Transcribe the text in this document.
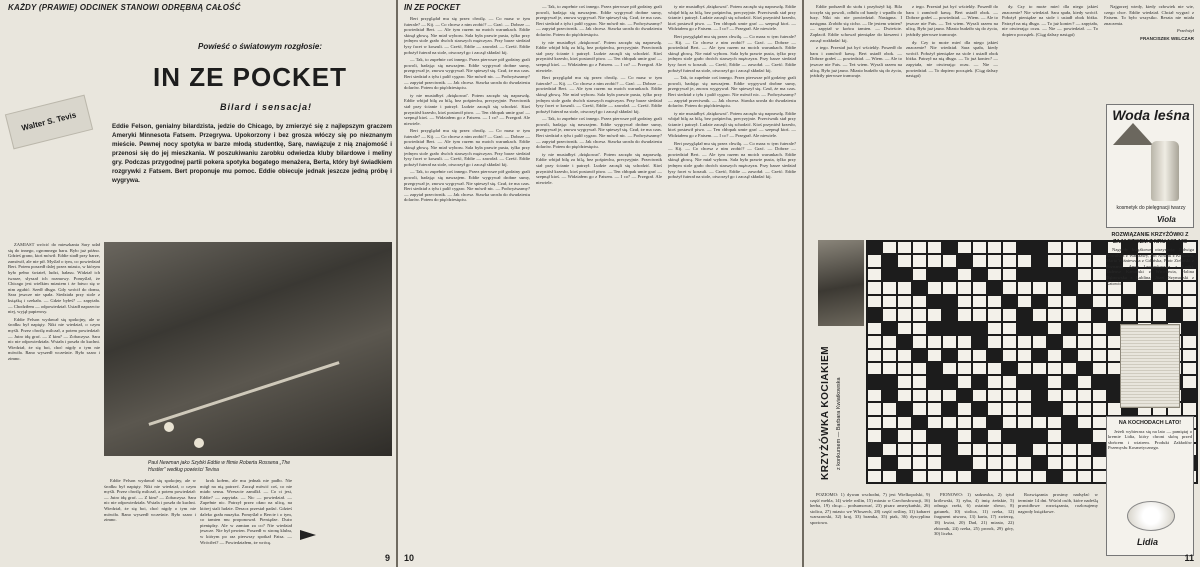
KAŻDY (PRAWIE) ODCINEK STANOWI ODRĘBNĄ CAŁOŚĆ
Powieść o światowym rozgłosie:
IN ZE POCKET
Bilard i sensacja!
Walter S. Tevis	Eddie Felson, genialny bilardzista, jedzie do Chicago, by zmierzyć się z najlepszym graczem Ameryki Minnesota Fatsem. Przegrywa. Upokorzony i bez grosza włóczy się po nieznanym mieście. Pewnej nocy spotyka w barze młodą studentkę, Sarę, nawiązuje z nią znajomość i przenosi się do jej mieszkania. W poszukiwaniu zarobku odwiedza kluby bilardowe i meliny gry. Podczas przygodnej partii pokera spotyka bogatego menażera, Berta, który był świadkiem rozgrywki z Fatsem. Bert proponuje mu pomoc. Eddie obiecuje jednak jeszcze jedną próbę i wygrywa.

ZAMIAST wrócić do mieszkania Sary udał się do innego, ogromnego baru. Było już późno. Gdzieś grano, ktoś mówił. Eddie siadł przy barze, zamówił, ale nie pił. Myślał o tym, co powiedział Bert. Potem poszedł dalej przez miasto, w którym było pełno świateł, ludzi, hałasu. Widział ich twarze, słyszał ich rozmowy. Pomyślał, że Chicago jest wielkim miastem i że łatwo się w nim zgubić. Szedł długo. Gdy wrócił do domu, Sara jeszcze nie spała. Siedziała przy stole z książką i czekała. — Gdzie byłeś? — zapytała. — Chodziłem — odpowiedział. Usiadł naprzeciw niej, wyjął papierosy.

Eddie Felson wydawał się spokojny, ale w środku był napięty. Nikt nie wiedział, o czym myśli. Przez chwilę milczał, a potem powiedział: — Jutro idę grać. — Z kim? — Zobaczysz. Sara nic nie odpowiedziała. Wstała i poszła do kuchni. Wiedział, że się boi, choć nigdy o tym nie mówiła. Rano wyszedł wcześnie. Było szaro i zimno.

Paul Newman jako Szybki Eddie w filmie Roberta Rossena „The Hustler” według powieści Tevisa

Eddie Felson wydawał się spokojny, ale w środku był napięty. Nikt nie wiedział, o czym myśli. Przez chwilę milczał, a potem powiedział: — Jutro idę grać. — Z kim? — Zobaczysz. Sara nic nie odpowiedziała. Wstała i poszła do kuchni. Wiedział, że się boi, choć nigdy o tym nie mówiła. Rano wyszedł wcześnie. Było szaro i zimno.

krok kołem, ale mu jednak nie padło. Nie mógł na nią patrzeć. Zaczął mówić coś, co nie miało sensu. Wreszcie zamilkł. — Co ci jest, Eddie? — zapytała. — Nic — powiedział. — Zupełnie nic. Patrzył przez okno na ulicę, na której stali ludzie. Deszcz przestał padać. Gdzieś daleko grała muzyka. Pomyślał o Bercie i o tym, co tamten mu proponował. Pieniądze. Dużo pieniędzy. Ale w zamian za co? Nie wiedział jeszcze. Nie był pewien. Poszedł w stronę klubu, w którym po raz pierwszy spotkał Fatsa. — Wróciłeś? — Powiedziałem, że wrócę.

9
IN ZE POCKET

Bert przyglądał mu się przez chwilę. — Co masz w tym futerale? — Kij. — Co chcesz z nim zrobić? — Grać. — Dobrze — powiedział Bert. — Ale tym razem na moich warunkach. Eddie skinął głową. Nie miał wyboru. Sala była prawie pusta, tylko przy jednym stole grało dwóch starszych mężczyzn. Przy barze siedział łysy facet w koszuli. — Cześć, Eddie — zawołał. — Cześć. Eddie położył futerał na stole, otworzył go i zaczął składać kij.

— Tak, to zupełnie coś innego. Przez pierwsze pół godziny grali powoli, badając się nawzajem. Eddie wygrywał drobne sumy, przegrywał je, znowu wygrywał. Nie spieszył się. Czuł, że ma czas. Bert siedział z tyłu i palił cygaro. Nie mówił nic. — Podwyższamy? — zapytał przeciwnik. — Jak chcesz. Stawka urosła do dwudziestu dolarów. Potem do pięćdziesięciu.

ty nie musiałbyś ,dziękować'. Potem zaczęło się naprawdę. Eddie wbijał bilę za bilą, bez pośpiechu, precyzyjnie. Przeciwnik stał przy ścianie i patrzył. Ludzie zaczęli się schodzić. Ktoś przyniósł krzesło, ktoś postawił piwo. — Ten chłopak umie grać — szepnął ktoś. — Widziałem go z Fatsem. — I co? — Przegrał. Ale niewiele.

Bert przyglądał mu się przez chwilę. — Co masz w tym futerale? — Kij. — Co chcesz z nim zrobić? — Grać. — Dobrze — powiedział Bert. — Ale tym razem na moich warunkach. Eddie skinął głową. Nie miał wyboru. Sala była prawie pusta, tylko przy jednym stole grało dwóch starszych mężczyzn. Przy barze siedział łysy facet w koszuli. — Cześć, Eddie — zawołał. — Cześć. Eddie położył futerał na stole, otworzył go i zaczął składać kij.

— Tak, to zupełnie coś innego. Przez pierwsze pół godziny grali powoli, badając się nawzajem. Eddie wygrywał drobne sumy, przegrywał je, znowu wygrywał. Nie spieszył się. Czuł, że ma czas. Bert siedział z tyłu i palił cygaro. Nie mówił nic. — Podwyższamy? — zapytał przeciwnik. — Jak chcesz. Stawka urosła do dwudziestu dolarów. Potem do pięćdziesięciu.

— Tak, to zupełnie coś innego. Przez pierwsze pół godziny grali powoli, badając się nawzajem. Eddie wygrywał drobne sumy, przegrywał je, znowu wygrywał. Nie spieszył się. Czuł, że ma czas. Bert siedział z tyłu i palił cygaro. Nie mówił nic. — Podwyższamy? — zapytał przeciwnik. — Jak chcesz. Stawka urosła do dwudziestu dolarów. Potem do pięćdziesięciu.

ty nie musiałbyś ,dziękować'. Potem zaczęło się naprawdę. Eddie wbijał bilę za bilą, bez pośpiechu, precyzyjnie. Przeciwnik stał przy ścianie i patrzył. Ludzie zaczęli się schodzić. Ktoś przyniósł krzesło, ktoś postawił piwo. — Ten chłopak umie grać — szepnął ktoś. — Widziałem go z Fatsem. — I co? — Przegrał. Ale niewiele.

Bert przyglądał mu się przez chwilę. — Co masz w tym futerale? — Kij. — Co chcesz z nim zrobić? — Grać. — Dobrze — powiedział Bert. — Ale tym razem na moich warunkach. Eddie skinął głową. Nie miał wyboru. Sala była prawie pusta, tylko przy jednym stole grało dwóch starszych mężczyzn. Przy barze siedział łysy facet w koszuli. — Cześć, Eddie — zawołał. — Cześć. Eddie położył futerał na stole, otworzył go i zaczął składać kij.

— Tak, to zupełnie coś innego. Przez pierwsze pół godziny grali powoli, badając się nawzajem. Eddie wygrywał drobne sumy, przegrywał je, znowu wygrywał. Nie spieszył się. Czuł, że ma czas. Bert siedział z tyłu i palił cygaro. Nie mówił nic. — Podwyższamy? — zapytał przeciwnik. — Jak chcesz. Stawka urosła do dwudziestu dolarów. Potem do pięćdziesięciu.

ty nie musiałbyś ,dziękować'. Potem zaczęło się naprawdę. Eddie wbijał bilę za bilą, bez pośpiechu, precyzyjnie. Przeciwnik stał przy ścianie i patrzył. Ludzie zaczęli się schodzić. Ktoś przyniósł krzesło, ktoś postawił piwo. — Ten chłopak umie grać — szepnął ktoś. — Widziałem go z Fatsem. — I co? — Przegrał. Ale niewiele.

ty nie musiałbyś ,dziękować'. Potem zaczęło się naprawdę. Eddie wbijał bilę za bilą, bez pośpiechu, precyzyjnie. Przeciwnik stał przy ścianie i patrzył. Ludzie zaczęli się schodzić. Ktoś przyniósł krzesło, ktoś postawił piwo. — Ten chłopak umie grać — szepnął ktoś. — Widziałem go z Fatsem. — I co? — Przegrał. Ale niewiele.

Bert przyglądał mu się przez chwilę. — Co masz w tym futerale? — Kij. — Co chcesz z nim zrobić? — Grać. — Dobrze — powiedział Bert. — Ale tym razem na moich warunkach. Eddie skinął głową. Nie miał wyboru. Sala była prawie pusta, tylko przy jednym stole grało dwóch starszych mężczyzn. Przy barze siedział łysy facet w koszuli. — Cześć, Eddie — zawołał. — Cześć. Eddie położył futerał na stole, otworzył go i zaczął składać kij.

— Tak, to zupełnie coś innego. Przez pierwsze pół godziny grali powoli, badając się nawzajem. Eddie wygrywał drobne sumy, przegrywał je, znowu wygrywał. Nie spieszył się. Czuł, że ma czas. Bert siedział z tyłu i palił cygaro. Nie mówił nic. — Podwyższamy? — zapytał przeciwnik. — Jak chcesz. Stawka urosła do dwudziestu dolarów. Potem do pięćdziesięciu.

ty nie musiałbyś ,dziękować'. Potem zaczęło się naprawdę. Eddie wbijał bilę za bilą, bez pośpiechu, precyzyjnie. Przeciwnik stał przy ścianie i patrzył. Ludzie zaczęli się schodzić. Ktoś przyniósł krzesło, ktoś postawił piwo. — Ten chłopak umie grać — szepnął ktoś. — Widziałem go z Fatsem. — I co? — Przegrał. Ale niewiele.

Bert przyglądał mu się przez chwilę. — Co masz w tym futerale? — Kij. — Co chcesz z nim zrobić? — Grać. — Dobrze — powiedział Bert. — Ale tym razem na moich warunkach. Eddie skinął głową. Nie miał wyboru. Sala była prawie pusta, tylko przy jednym stole grało dwóch starszych mężczyzn. Przy barze siedział łysy facet w koszuli. — Cześć, Eddie — zawołał. — Cześć. Eddie położył futerał na stole, otworzył go i zaczął składać kij.

10

Eddie podszedł do stołu i przyłożył kij. Bila toczyła się powoli, odbiła od bandy i wpadła do łuzy. Nikt nic nie powiedział. Następna. I następna. Zrobiło się cicho. — Ile jestem winien? — zapytał w końcu tamten. — Dwieście. Zapłacił. Eddie schował pieniądze do kieszeni i zaczął rozkładać kij.

z tego. Przestał już być wściekły. Poszedł do baru i zamówił kawę. Bert usiadł obok. — Dobrze grałeś — powiedział. — Wiem. — Ale to jeszcze nie Fats. — Też wiem. Wyszli razem na ulicę. Było już jasno. Miasto budziło się do życia, jeździły pierwsze tramwaje.

z tego. Przestał już być wściekły. Poszedł do baru i zamówił kawę. Bert usiadł obok. — Dobrze grałeś — powiedział. — Wiem. — Ale to jeszcze nie Fats. — Też wiem. Wyszli razem na ulicę. Było już jasno. Miasto budziło się do życia, jeździły pierwsze tramwaje.

dy. Czy to może mieć dla niego jakieś znaczenie? Nie wiedział. Sara spała, kiedy wrócił. Położył pieniądze na stole i usiadł obok łóżka. Patrzył na nią długo. — To już koniec? — zapytała, nie otwierając oczu. — Nie — powiedział. — To dopiero początek. (Ciąg dalszy nastąpi)

dy. Czy to może mieć dla niego jakieś znaczenie? Nie wiedział. Sara spała, kiedy wrócił. Położył pieniądze na stole i usiadł obok łóżka. Patrzył na nią długo. — To już koniec? — zapytała, nie otwierając oczu. — Nie — powiedział. — To dopiero początek. (Ciąg dalszy nastąpi)

Najgorzej wtedy, kiedy człowiek nie wie, czego chce. Eddie wiedział. Chciał wygrać z Fatsem. To było wszystko. Reszta nie miała znaczenia.

Przełożył

FRANCISZEK WELCZAR

Woda leśna
kosmetyk do pielęgnacji twarzy
Viola
KRZYŻÓWKA KOCIAKIEM z konkursem — Barbara Kwiatkowska
ROZWIĄZANIE KRZYŻÓWKI Z ZAJĄCZKIEM Z NRU 107-108

Nagrody książkowe otrzymują: Jadwiga Kowalska z Warszawy, Jan Nowak z Krakowa, Maria Wiśniewska z Gdańska, Piotr Zieliński z Poznania, Anna Lewandowska z Łodzi, Tadeusz Kamiński z Wrocławia, Halina Dąbrowska z Lublina, Józef Szymański z Katowic.

POZIOMO: 1) dywan wschodni, 7) jest Wielkopolski, 9) część mebla, 14) wiele roślin, 15) miasto w Czechosłowacji, 16) herba, 19) chcąc... podsumować, 23) pisarz amerykański, 26) stolica, 27) miasto we Włoszech, 28) część rośliny, 31) kabaret warszawski, 32) kraj, 33) bramka, 35) ptak, 36) dyscyplina sportowa.

PIONOWO: 1) sadzawka, 2) tytuł królewski, 3) ryba, 4) imię żeńskie, 5) odnoga rzeki, 6) ostatnie słowo, 8) gatunek, 10) stolica, 11) rzeka, 12) fragment utworu, 13) karta, 17) zwierzę, 18) kwiat, 20) Dad, 21) miasto, 22) zbiornik, 24) rzeka, 25) prorok, 29) góry, 30) liczba.

Rozwiązania prosimy nadsyłać w terminie 14 dni. Wśród osób, które nadeślą prawidłowe rozwiązania, rozlosujemy nagrody książkowe.

NA KOCHODACH LATO!

Jeżeli wybierasz się na lato — pamiętaj o kremie Lidia, który chroni skórę przed słońcem i wiatrem. Produkt Zakładów Przemysłu Kosmetycznego.

Lidia
11
